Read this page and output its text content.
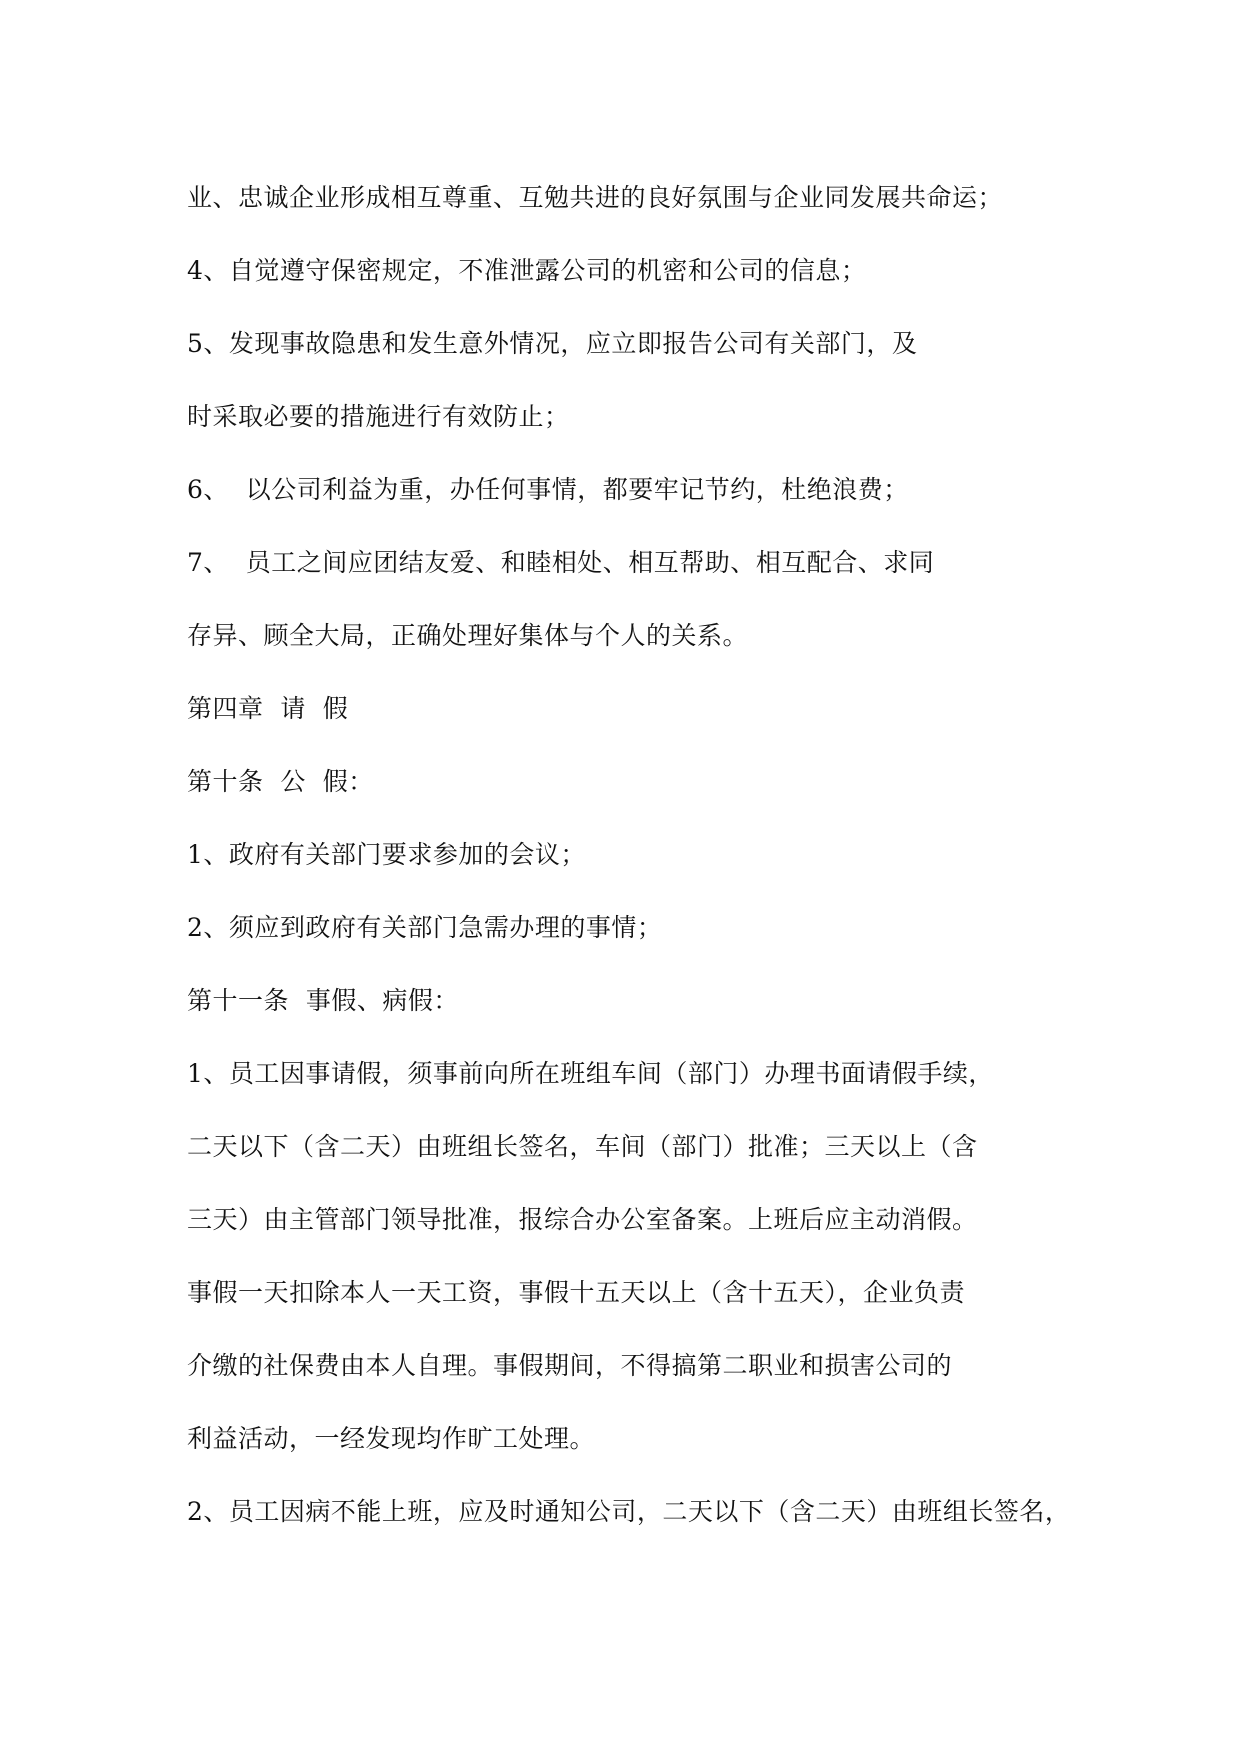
业、忠诚企业形成相互尊重、互勉共进的良好氛围与企业同发展共命运；
4、自觉遵守保密规定，不准泄露公司的机密和公司的信息；
5、发现事故隐患和发生意外情况，应立即报告公司有关部门，及
时采取必要的措施进行有效防止；
6、  以公司利益为重，办任何事情，都要牢记节约，杜绝浪费；
7、  员工之间应团结友爱、和睦相处、相互帮助、相互配合、求同
存异、顾全大局，正确处理好集体与个人的关系。
第四章  请  假
第十条  公  假：
1、政府有关部门要求参加的会议；
2、须应到政府有关部门急需办理的事情；
第十一条  事假、病假：
1、员工因事请假，须事前向所在班组车间（部门）办理书面请假手续，
二天以下（含二天）由班组长签名，车间（部门）批准；三天以上（含
三天）由主管部门领导批准，报综合办公室备案。上班后应主动消假。
事假一天扣除本人一天工资，事假十五天以上（含十五天），企业负责
介缴的社保费由本人自理。事假期间，不得搞第二职业和损害公司的
利益活动，一经发现均作旷工处理。
2、员工因病不能上班，应及时通知公司，二天以下（含二天）由班组长签名，
